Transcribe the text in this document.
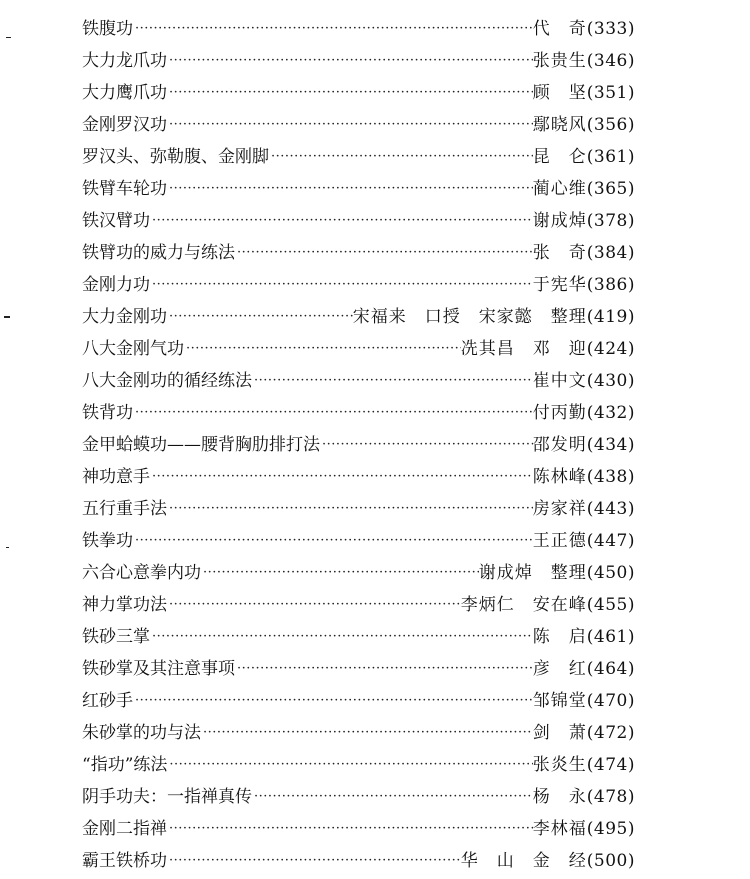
铁腹功 ·····	代　奇 (333)
大力龙爪功 ·····	张贵生 (346)
大力鹰爪功 ·····	顾　坚 (351)
金刚罗汉功 ·····	鄢晓风 (356)
罗汉头、弥勒腹、金刚脚 ·····	昆　仑 (361)
铁臂车轮功 ·····	蔺心维 (365)
铁汉臂功 ·····	谢成焯 (378)
铁臂功的威力与练法 ·····	张　奇 (384)
金刚力功 ·····	于宪华 (386)
大力金刚功 ·····	宋福来　口授　宋家懿　整理 (419)
八大金刚气功 ·····	冼其昌　邓　迎 (424)
八大金刚功的循经练法 ·····	崔中文 (430)
铁背功 ·····	付丙勤 (432)
金甲蛤蟆功——腰背胸肋排打法 ·····	邵发明 (434)
神功意手 ·····	陈林峰 (438)
五行重手法 ·····	房家祥 (443)
铁拳功 ·····	王正德 (447)
六合心意拳内功 ·····	谢成焯　整理 (450)
神力掌功法 ·····	李炳仁　安在峰 (455)
铁砂三掌 ·····	陈　启 (461)
铁砂掌及其注意事项 ·····	彦　红 (464)
红砂手 ·····	邹锦堂 (470)
朱砂掌的功与法 ·····	剑　萧 (472)
“指功”练法 ·····	张炎生 (474)
阴手功夫：一指禅真传 ·····	杨　永 (478)
金刚二指禅 ·····	李林福 (495)
霸王铁桥功 ·····	华　山　金　经 (500)
